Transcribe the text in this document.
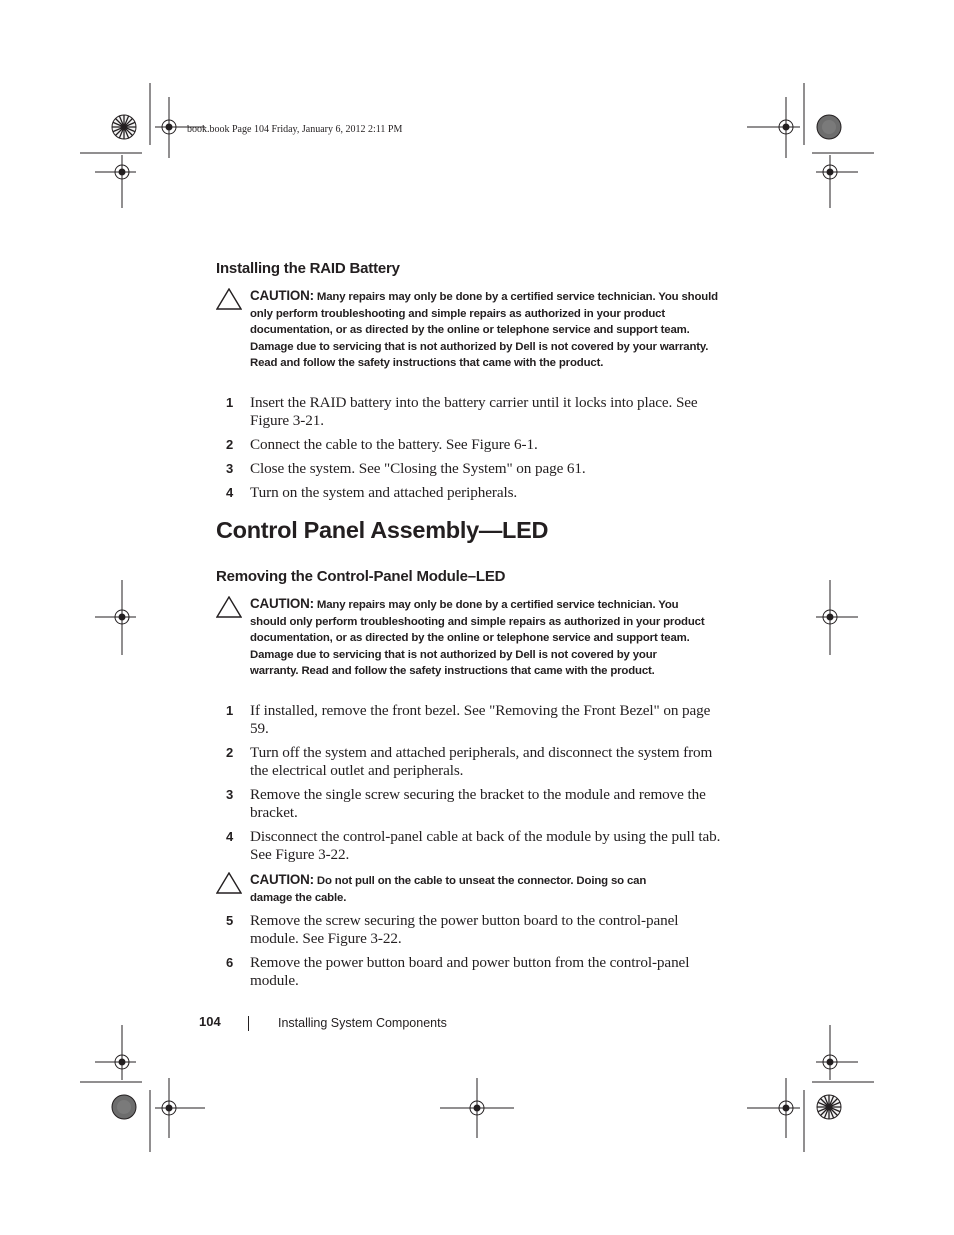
book.book Page 104 Friday, January 6, 2012 2:11 PM
Installing the RAID Battery
CAUTION: Many repairs may only be done by a certified service technician. You should only perform troubleshooting and simple repairs as authorized in your product documentation, or as directed by the online or telephone service and support team. Damage due to servicing that is not authorized by Dell is not covered by your warranty. Read and follow the safety instructions that came with the product.
1 Insert the RAID battery into the battery carrier until it locks into place. See Figure 3-21.
2 Connect the cable to the battery. See Figure 6-1.
3 Close the system. See "Closing the System" on page 61.
4 Turn on the system and attached peripherals.
Control Panel Assembly—LED
Removing the Control-Panel Module–LED
CAUTION: Many repairs may only be done by a certified service technician. You should only perform troubleshooting and simple repairs as authorized in your product documentation, or as directed by the online or telephone service and support team. Damage due to servicing that is not authorized by Dell is not covered by your warranty. Read and follow the safety instructions that came with the product.
1 If installed, remove the front bezel. See "Removing the Front Bezel" on page 59.
2 Turn off the system and attached peripherals, and disconnect the system from the electrical outlet and peripherals.
3 Remove the single screw securing the bracket to the module and remove the bracket.
4 Disconnect the control-panel cable at back of the module by using the pull tab. See Figure 3-22.
CAUTION: Do not pull on the cable to unseat the connector. Doing so can damage the cable.
5 Remove the screw securing the power button board to the control-panel module. See Figure 3-22.
6 Remove the power button board and power button from the control-panel module.
104	Installing System Components
